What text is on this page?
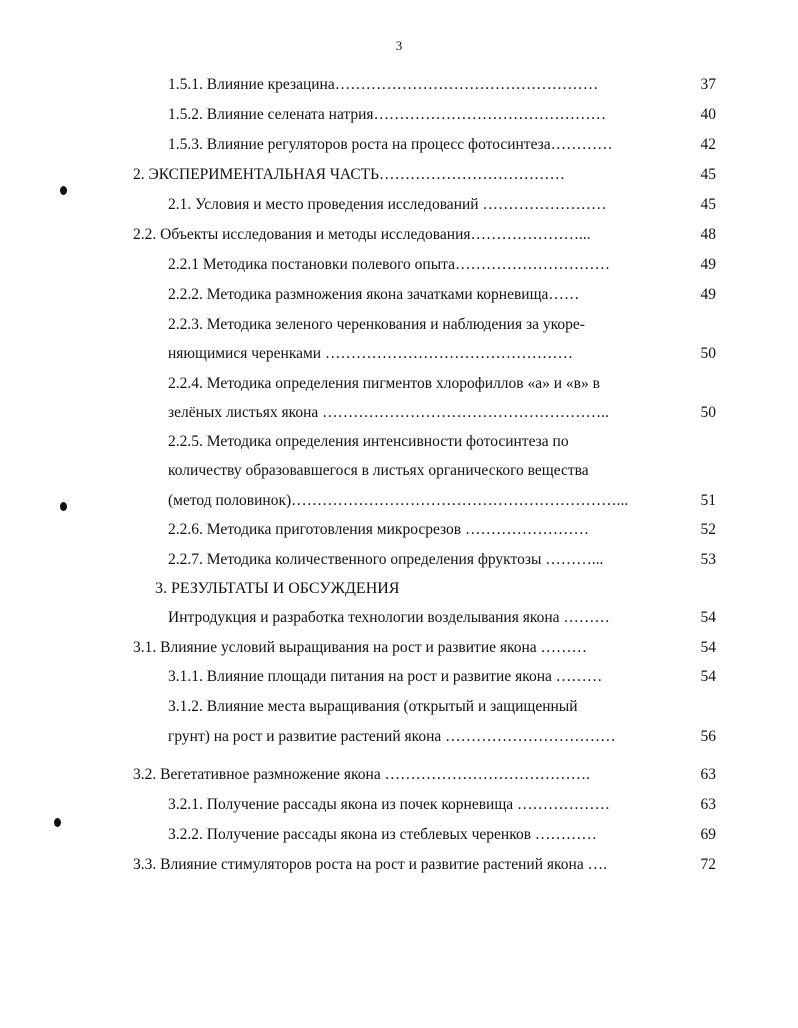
3
1.5.1. Влияние крезацина……………………………………………	37
1.5.2. Влияние селената натрия………………………………………	40
1.5.3. Влияние регуляторов роста на процесс фотосинтеза…………	42
2. ЭКСПЕРИМЕНТАЛЬНАЯ ЧАСТЬ………………………………	45
2.1. Условия и место проведения исследований ……………………	45
2.2. Объекты исследования и методы исследования…………………...	48
2.2.1 Методика постановки полевого опыта…………………………	49
2.2.2. Методика размножения якона зачатками корневища……	49
2.2.3. Методика зеленого черенкования и наблюдения за укоре-
няющимися черенками …………………………………………	50
2.2.4. Методика определения пигментов хлорофиллов «а» и «в» в
зелёных листьях якона ………………………………………………..	50
2.2.5. Методика определения интенсивности фотосинтеза по
количеству образовавшегося в листьях органического вещества
(метод половинок)………………………………………………………...	51
2.2.6. Методика приготовления микросрезов ……………………	52
2.2.7. Методика количественного определения фруктозы ………...	53
3. РЕЗУЛЬТАТЫ И ОБСУЖДЕНИЯ
Интродукция и разработка технологии возделывания якона ………	54
3.1. Влияние условий выращивания на рост и развитие якона ………	54
3.1.1. Влияние площади питания на рост и развитие якона ………	54
3.1.2. Влияние места выращивания (открытый и защищенный
грунт) на рост и развитие растений якона ……………………………	56
3.2. Вегетативное размножение якона ………………………………….	63
3.2.1. Получение рассады якона из почек корневища ………………	63
3.2.2. Получение рассады якона из стеблевых черенков …………	69
3.3. Влияние стимуляторов роста на рост и развитие растений якона ….	72
